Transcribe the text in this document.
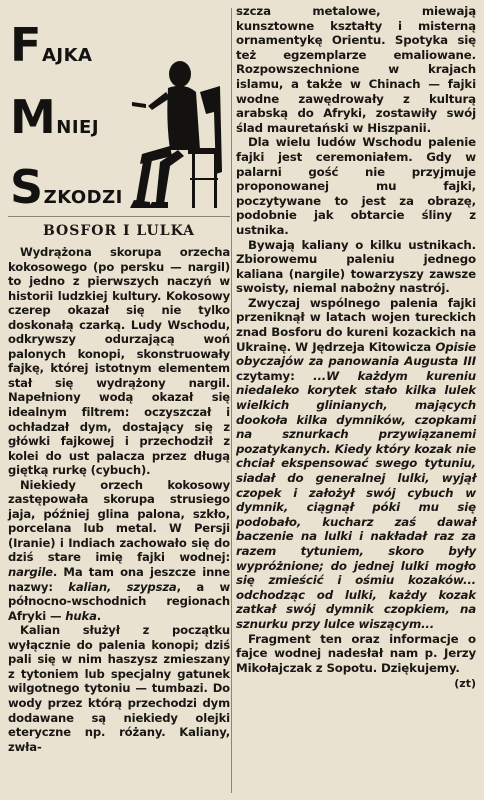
FAJKA
MNIEJ
SZKODZI
BOSFOR I LULKA

Wydrążona skorupa orzecha kokosowego (po persku — nargil) to jedno z pierwszych naczyń w historii ludzkiej kultury. Kokosowy czerep okazał się nie tylko doskonałą czarką. Ludy Wschodu, odkrywszy odurzającą woń palonych konopi, skonstruowały fajkę, której istotnym elementem stał się wydrążony nargil. Napełniony wodą okazał się idealnym filtrem: oczyszczał i ochładzał dym, dostający się z główki fajkowej i przechodził z kolei do ust palacza przez długą giętką rurkę (cybuch).

Niekiedy orzech kokosowy zastępowała skorupa strusiego jaja, później glina palona, szkło, porcelana lub metal. W Persji (Iranie) i Indiach zachowało się do dziś stare imię fajki wodnej: nargile. Ma tam ona jeszcze inne nazwy: kalian, szypsza, a w północno-wschodnich regionach Afryki — huka.

Kalian służył z początku wyłącznie do palenia konopi; dziś pali się w nim haszysz zmieszany z tytoniem lub specjalny gatunek wilgotnego tytoniu — tumbazi. Do wody przez którą przechodzi dym dodawane są niekiedy olejki eteryczne np. różany. Kaliany, zwła-

szcza metalowe, miewają kunsztowne kształty i misterną ornamentykę Orientu. Spotyka się też egzemplarze emaliowane. Rozpowszechnione w krajach islamu, a także w Chinach — fajki wodne zawędrowały z kulturą arabską do Afryki, zostawiły swój ślad mauretański w Hiszpanii.

Dla wielu ludów Wschodu palenie fajki jest ceremoniałem. Gdy w palarni gość nie przyjmuje proponowanej mu fajki, poczytywane to jest za obrazę, podobnie jak obtarcie śliny z ustnika.

Bywają kaliany o kilku ustnikach. Zbiorowemu paleniu jednego kaliana (nargile) towarzyszy zawsze swoisty, niemal nabożny nastrój.

Zwyczaj wspólnego palenia fajki przeniknął w latach wojen tureckich znad Bosforu do kureni kozackich na Ukrainę. W Jędrzeja Kitowicza Opisie obyczajów za panowania Augusta III czytamy: ...W każdym kureniu niedaleko korytek stało kilka lulek wielkich glinianych, mających dookoła kilka dymników, czopkami na sznurkach przywiązanemi pozatykanych. Kiedy który kozak nie chciał ekspensować swego tytuniu, siadał do generalnej lulki, wyjął czopek i założył swój cybuch w dymnik, ciągnął póki mu się podobało, kucharz zaś dawał baczenie na lulki i nakładał raz za razem tytuniem, skoro były wypróżnione; do jednej lulki mogło się zmieścić i ośmiu kozaków... odchodząc od lulki, każdy kozak zatkał swój dymnik czopkiem, na sznurku przy lulce wiszącym...

Fragment ten oraz informacje o fajce wodnej nadesłał nam p. Jerzy Mikołajczak z Sopotu. Dziękujemy.

(zt)
